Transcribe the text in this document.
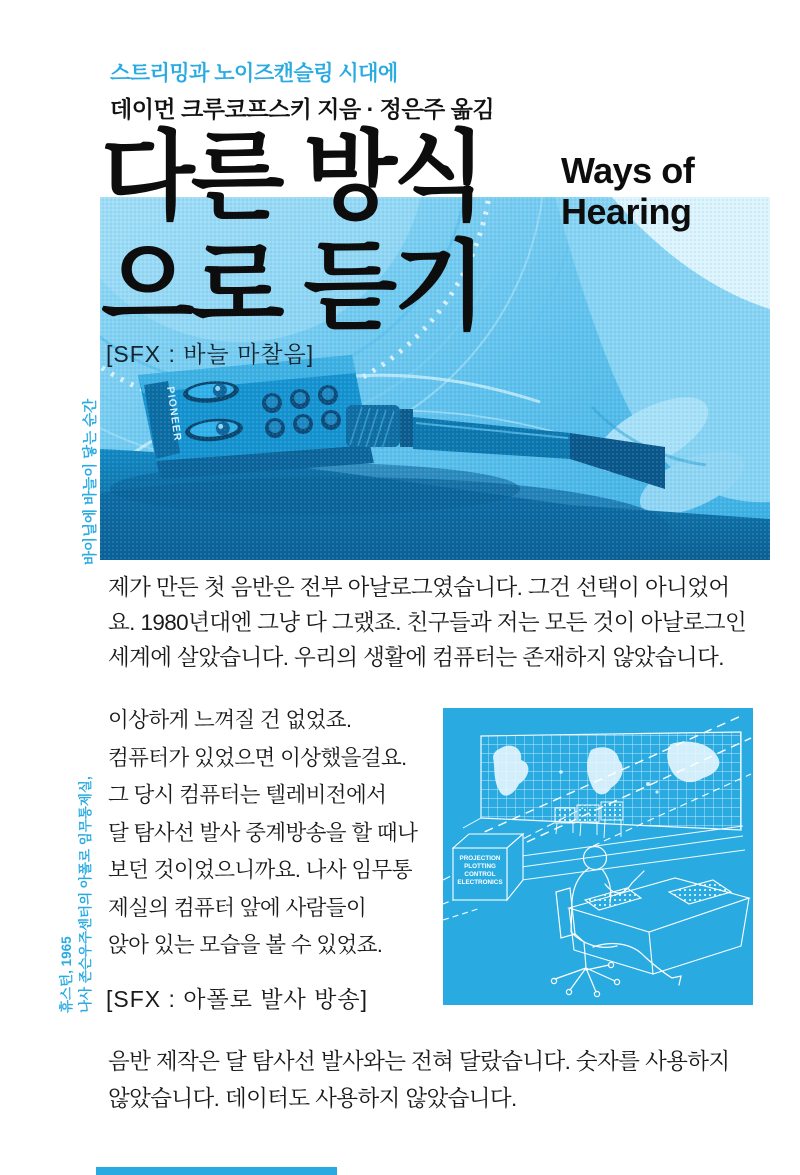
스트리밍과 노이즈캔슬링 시대에
데이먼 크루코프스키 지음 · 정은주 옮김
다른 방식
으로 듣기
Ways of
Hearing
[SFX : 바늘 마찰음]
바이닐에 바늘이 닿는 순간
제가 만든 첫 음반은 전부 아날로그였습니다. 그건 선택이 아니었어
요. 1980년대엔 그냥 다 그랬죠. 친구들과 저는 모든 것이 아날로그인
세계에 살았습니다. 우리의 생활에 컴퓨터는 존재하지 않았습니다.
이상하게 느껴질 건 없었죠.
컴퓨터가 있었으면 이상했을걸요.
그 당시 컴퓨터는 텔레비전에서
달 탐사선 발사 중계방송을 할 때나
보던 것이었으니까요. 나사 임무통
제실의 컴퓨터 앞에 사람들이
앉아 있는 모습을 볼 수 있었죠.
휴스턴, 1965 나사 존슨우주센터의 아폴로 임무통제실,	PROJECTION
PLOTTING
CONTROL
ELECTRONICS
[SFX : 아폴로 발사 방송]
음반 제작은 달 탐사선 발사와는 전혀 달랐습니다. 숫자를 사용하지
않았습니다. 데이터도 사용하지 않았습니다.
